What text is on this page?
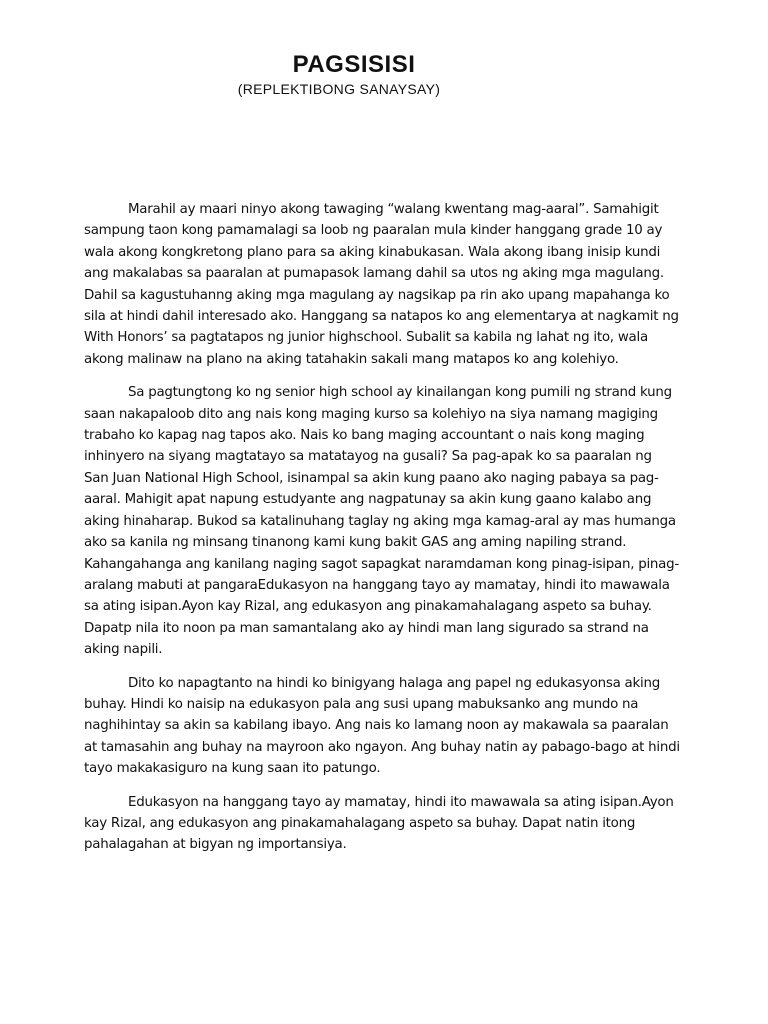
PAGSISISI
(REPLEKTIBONG SANAYSAY)

Marahil ay maari ninyo akong tawaging “walang kwentang mag-aaral”. Samahigit sampung taon kong pamamalagi sa loob ng paaralan mula kinder hanggang grade 10 ay wala akong kongkretong plano para sa aking kinabukasan. Wala akong ibang inisip kundi ang makalabas sa paaralan at pumapasok lamang dahil sa utos ng aking mga magulang. Dahil sa kagustuhanng aking mga magulang ay nagsikap pa rin ako upang mapahanga ko sila at hindi dahil interesado ako. Hanggang sa natapos ko ang elementarya at nagkamit ng With Honors’ sa pagtatapos ng junior highschool. Subalit sa kabila ng lahat ng ito, wala akong malinaw na plano na aking tatahakin sakali mang matapos ko ang kolehiyo.

Sa pagtungtong ko ng senior high school ay kinailangan kong pumili ng strand kung saan nakapaloob dito ang nais kong maging kurso sa kolehiyo na siya namang magiging trabaho ko kapag nag tapos ako. Nais ko bang maging accountant o nais kong maging inhinyero na siyang magtatayo sa matatayog na gusali? Sa pag-apak ko sa paaralan ng San Juan National High School, isinampal sa akin kung paano ako naging pabaya sa pag-aaral. Mahigit apat napung estudyante ang nagpatunay sa akin kung gaano kalabo ang aking hinaharap. Bukod sa katalinuhang taglay ng aking mga kamag-aral ay mas humanga ako sa kanila ng minsang tinanong kami kung bakit GAS ang aming napiling strand. Kahangahanga ang kanilang naging sagot sapagkat naramdaman kong pinag-isipan, pinag-aralang mabuti at pangaraEdukasyon na hanggang tayo ay mamatay, hindi ito mawawala sa ating isipan.Ayon kay Rizal, ang edukasyon ang pinakamahalagang aspeto sa buhay. Dapatp nila ito noon pa man samantalang ako ay hindi man lang sigurado sa strand na aking napili.

Dito ko napagtanto na hindi ko binigyang halaga ang papel ng edukasyonsa aking buhay. Hindi ko naisip na edukasyon pala ang susi upang mabuksanko ang mundo na naghihintay sa akin sa kabilang ibayo. Ang nais ko lamang noon ay makawala sa paaralan at tamasahin ang buhay na mayroon ako ngayon. Ang buhay natin ay pabago-bago at hindi tayo makakasiguro na kung saan ito patungo.

Edukasyon na hanggang tayo ay mamatay, hindi ito mawawala sa ating isipan.Ayon kay Rizal, ang edukasyon ang pinakamahalagang aspeto sa buhay. Dapat natin itong pahalagahan at bigyan ng importansiya.
